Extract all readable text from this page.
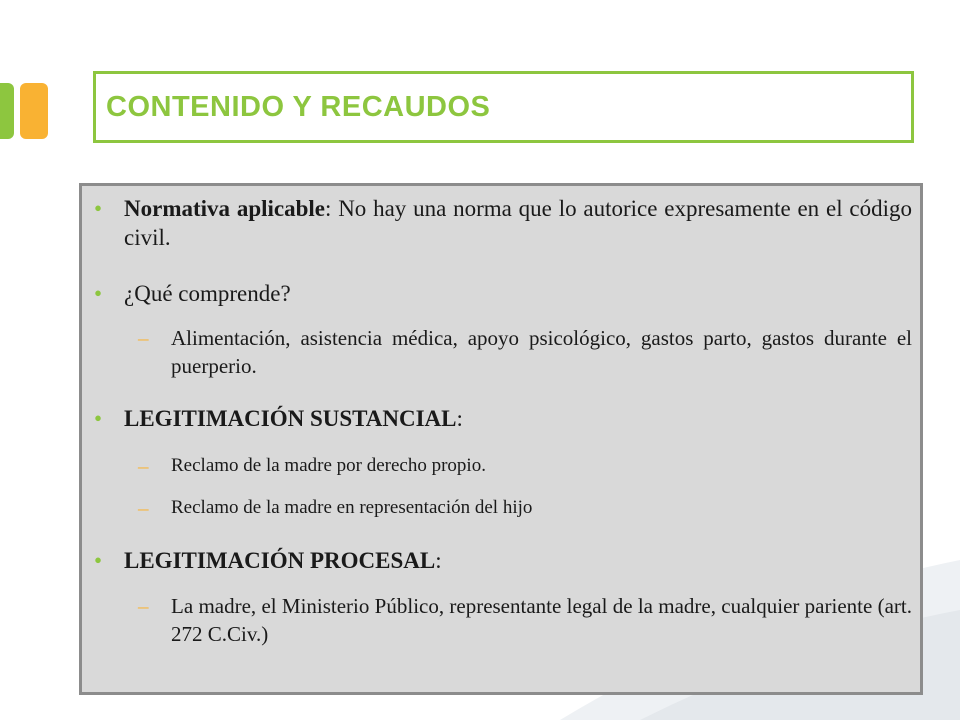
CONTENIDO Y RECAUDOS
• Normativa aplicable: No hay una norma que lo autorice expresamente en el código civil.
• ¿Qué comprende?
– Alimentación, asistencia médica, apoyo psicológico, gastos parto, gastos durante el puerperio.
• LEGITIMACIÓN SUSTANCIAL:
– Reclamo de la madre por derecho propio.
– Reclamo de la madre en representación del hijo
• LEGITIMACIÓN PROCESAL:
– La madre, el Ministerio Público, representante legal de la madre, cualquier pariente (art. 272 C.Civ.)
